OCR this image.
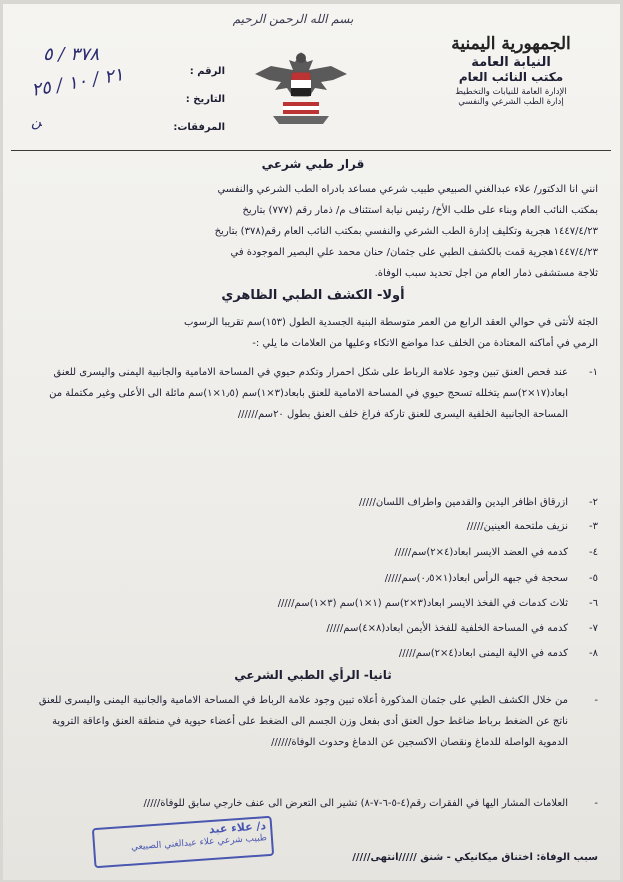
بسم الله الرحمن الرحيم
الجمهورية اليمنية
النيابة العامة
مكتب النائب العام
الإدارة العامة للنيابات والتخطيط
إدارة الطب الشرعي والنفسي
الرقم :
التاريخ :
المرفقات:
٣٧٨ / ٥
٢١ / ١٠ / ٢٥
ﻦ
قرار طبي شرعي
انني انا الدكتور/ علاء عبدالغني الصبيعي طبيب شرعي مساعد بادراه الطب الشرعي والنفسي
بمكتب النائب العام وبناء على طلب الأخ/ رئيس نيابة استئناف م/ ذمار رقم (٧٧٧) بتاريخ
١٤٤٧/٤/٢٣ هجرية وتكليف إدارة الطب الشرعي والنفسي بمكتب النائب العام رقم(٣٧٨) بتاريخ
١٤٤٧/٤/٢٣هجرية قمت بالكشف الطبي على جثمان/ حنان محمد علي البصير الموجودة في
ثلاجة مستشفى ذمار العام من اجل تحديد سبب الوفاة.
أولا- الكشف الطبي الظاهري
الجثة لأنثى في حوالي العقد الرابع من العمر متوسطة البنية الجسدية الطول (١٥٣)سم تقريبا الرسوب
الرمي في أماكنه المعتادة من الخلف عدا مواضع الاتكاء وعليها من العلامات ما يلي :-
١-عند فحص العنق تبين وجود علامة الرباط على شكل احمرار وتكدم حيوي في المساحة الامامية والجانبية اليمنى واليسرى للعنق ابعاد(١٧×٢)سم يتخلله تسحج حيوي في المساحة الامامية للعنق بابعاد(٣×١)سم (١٫٥×١)سم مائلة الى الأعلى وغير مكتملة من المساحة الجانبية الخلفية اليسرى للعنق تاركة فراغ خلف العنق بطول ٢٠سم//////
٢-ازرقاق اظافر اليدين والقدمين واطراف اللسان/////
٣-نزيف ملتحمة العينين/////
٤-كدمه في العضد الايسر ابعاد(٤×٢)سم/////
٥-سحجة في جبهه الرأس ابعاد(١×٠٫٥)سم/////
٦-ثلاث كدمات في الفخذ الايسر ابعاد(٣×٢)سم (١×١)سم (٣×١)سم/////
٧-كدمه في المساحة الخلفية للفخذ الأيمن ابعاد(٨×٤)سم/////
٨-كدمه في الالية اليمنى ابعاد(٤×٢)سم/////
ثانيا- الرأي الطبي الشرعي
-من خلال الكشف الطبي على جثمان المذكورة أعلاه تبين وجود علامة الرباط في المساحة الامامية والجانبية اليمنى واليسرى للعنق ناتج عن الضغط برباط ضاغط حول العنق أدى بفعل وزن الجسم الى الضغط على أعضاء حيوية في منطقة العنق واعاقة التروية الدموية الواصلة للدماغ ونقصان الاكسجين عن الدماغ وحدوث الوفاة//////
-العلامات المشار اليها في الفقرات رقم(٤-٥-٦-٧-٨) تشير الى التعرض الى عنف خارجي سابق للوفاة/////
سبب الوفاة: اختناق ميكانيكي - شنق /////انتهى/////
د/ علاء عبد
طبيب شرعي علاء عبدالغني الصبيعي
